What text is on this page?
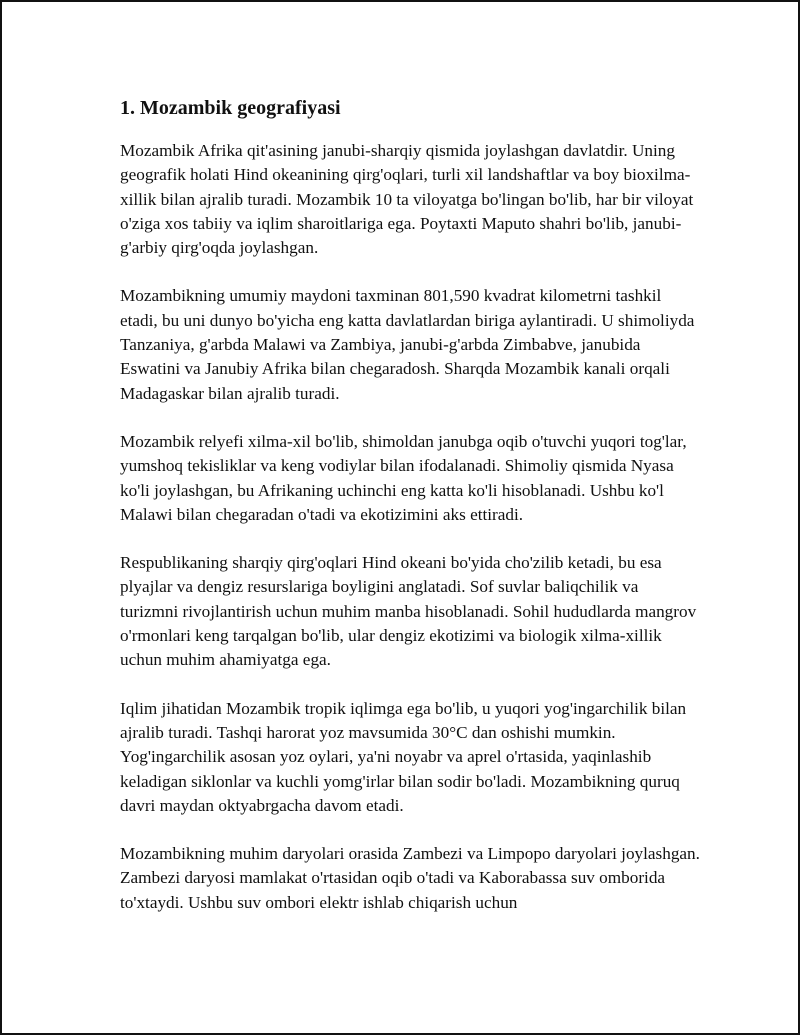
1. Mozambik geografiyasi

Mozambik Afrika qit'asining janubi-sharqiy qismida joylashgan davlatdir. Uning geografik holati Hind okeanining qirg'oqlari, turli xil landshaftlar va boy bioxilma-xillik bilan ajralib turadi. Mozambik 10 ta viloyatga bo'lingan bo'lib, har bir viloyat o'ziga xos tabiiy va iqlim sharoitlariga ega. Poytaxti Maputo shahri bo'lib, janubi-g'arbiy qirg'oqda joylashgan.

Mozambikning umumiy maydoni taxminan 801,590 kvadrat kilometrni tashkil etadi, bu uni dunyo bo'yicha eng katta davlatlardan biriga aylantiradi. U shimoliyda Tanzaniya, g'arbda Malawi va Zambiya, janubi-g'arbda Zimbabve, janubida Eswatini va Janubiy Afrika bilan chegaradosh. Sharqda Mozambik kanali orqali Madagaskar bilan ajralib turadi.

Mozambik relyefi xilma-xil bo'lib, shimoldan janubga oqib o'tuvchi yuqori tog'lar, yumshoq tekisliklar va keng vodiylar bilan ifodalanadi. Shimoliy qismida Nyasa ko'li joylashgan, bu Afrikaning uchinchi eng katta ko'li hisoblanadi. Ushbu ko'l Malawi bilan chegaradan o'tadi va ekotizimini aks ettiradi.

Respublikaning sharqiy qirg'oqlari Hind okeani bo'yida cho'zilib ketadi, bu esa plyajlar va dengiz resurslariga boyligini anglatadi. Sof suvlar baliqchilik va turizmni rivojlantirish uchun muhim manba hisoblanadi. Sohil hududlarda mangrov o'rmonlari keng tarqalgan bo'lib, ular dengiz ekotizimi va biologik xilma-xillik uchun muhim ahamiyatga ega.

Iqlim jihatidan Mozambik tropik iqlimga ega bo'lib, u yuqori yog'ingarchilik bilan ajralib turadi. Tashqi harorat yoz mavsumida 30°C dan oshishi mumkin. Yog'ingarchilik asosan yoz oylari, ya'ni noyabr va aprel o'rtasida, yaqinlashib keladigan siklonlar va kuchli yomg'irlar bilan sodir bo'ladi. Mozambikning quruq davri maydan oktyabrgacha davom etadi.

Mozambikning muhim daryolari orasida Zambezi va Limpopo daryolari joylashgan. Zambezi daryosi mamlakat o'rtasidan oqib o'tadi va Kaborabassa suv omborida to'xtaydi. Ushbu suv ombori elektr ishlab chiqarish uchun
